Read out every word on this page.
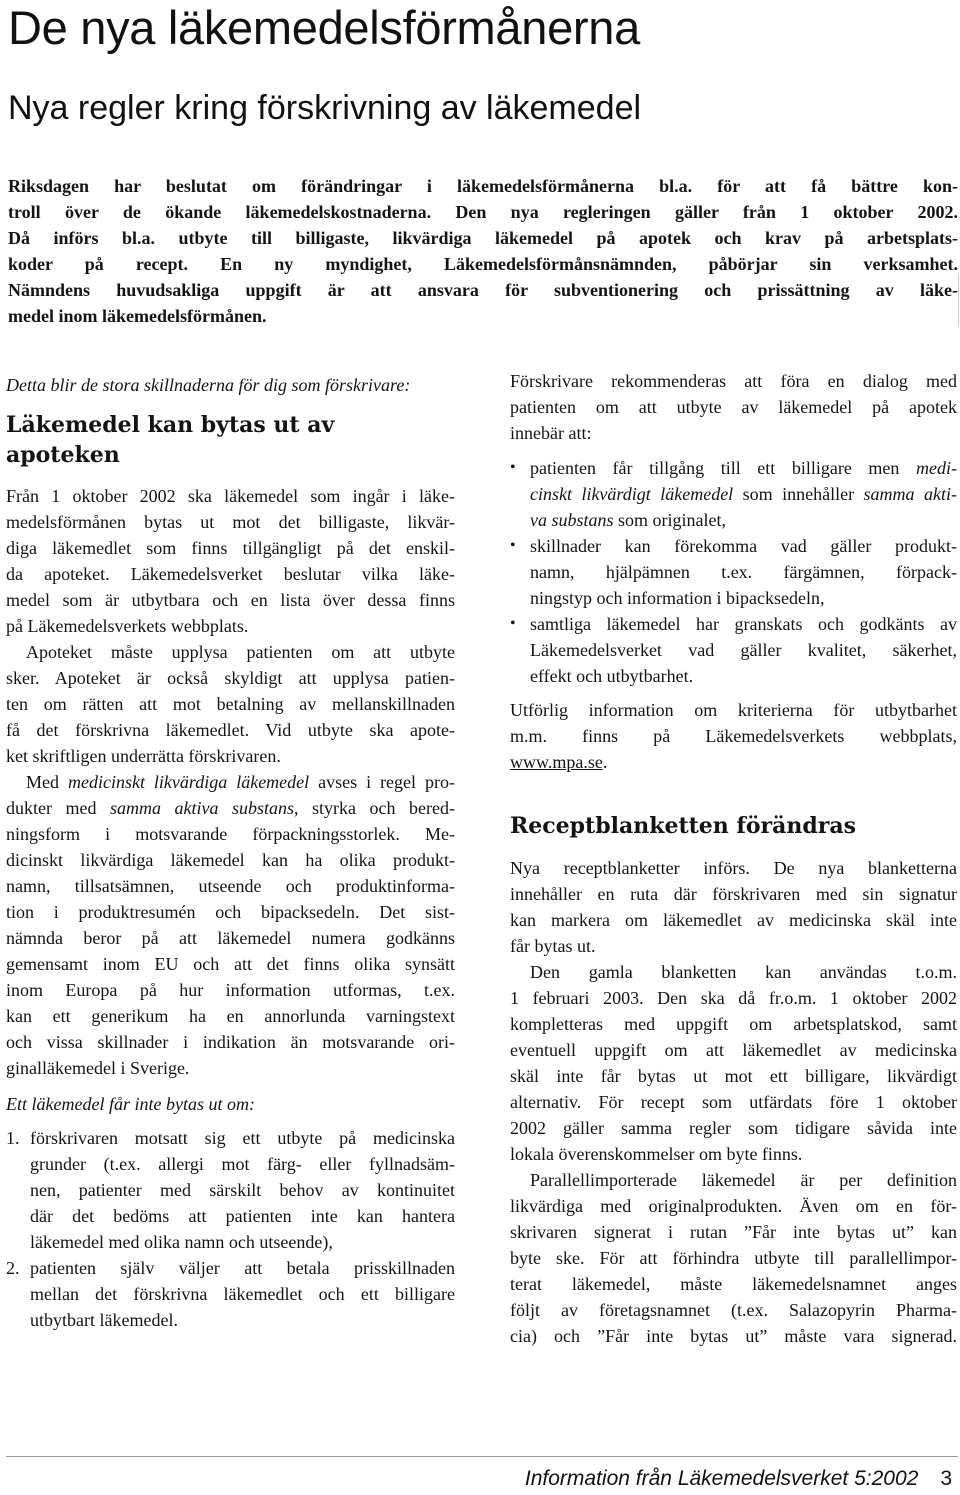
De nya läkemedelsförmånerna
Nya regler kring förskrivning av läkemedel
Riksdagen har beslutat om förändringar i läkemedelsförmånerna bl.a. för att få bättre kon-
troll över de ökande läkemedelskostnaderna. Den nya regleringen gäller från 1 oktober 2002.
Då införs bl.a. utbyte till billigaste, likvärdiga läkemedel på apotek och krav på arbetsplats-
koder på recept. En ny myndighet, Läkemedelsförmånsnämnden, påbörjar sin verksamhet.
Nämndens huvudsakliga uppgift är att ansvara för subventionering och prissättning av läke-
medel inom läkemedelsförmånen.

Detta blir de stora skillnaderna för dig som förskrivare:

Läkemedel kan bytas ut av
apoteken

Från 1 oktober 2002 ska läkemedel som ingår i läke-
medelsförmånen bytas ut mot det billigaste, likvär-
diga läkemedlet som finns tillgängligt på det enskil-
da apoteket. Läkemedelsverket beslutar vilka läke-
medel som är utbytbara och en lista över dessa finns
på Läkemedelsverkets webbplats.

Apoteket måste upplysa patienten om att utbyte
sker. Apoteket är också skyldigt att upplysa patien-
ten om rätten att mot betalning av mellanskillnaden
få det förskrivna läkemedlet. Vid utbyte ska apote-
ket skriftligen underrätta förskrivaren.

Med medicinskt likvärdiga läkemedel avses i regel pro-
dukter med samma aktiva substans, styrka och bered-
ningsform i motsvarande förpackningsstorlek. Me-
dicinskt likvärdiga läkemedel kan ha olika produkt-
namn, tillsatsämnen, utseende och produktinforma-
tion i produktresumén och bipacksedeln. Det sist-
nämnda beror på att läkemedel numera godkänns
gemensamt inom EU och att det finns olika synsätt
inom Europa på hur information utformas, t.ex.
kan ett generikum ha en annorlunda varningstext
och vissa skillnader i indikation än motsvarande ori-
ginalläkemedel i Sverige.

Ett läkemedel får inte bytas ut om:

1. förskrivaren motsatt sig ett utbyte på medicinska
grunder (t.ex. allergi mot färg- eller fyllnadsäm-
nen, patienter med särskilt behov av kontinuitet
där det bedöms att patienten inte kan hantera
läkemedel med olika namn och utseende),
2. patienten själv väljer att betala prisskillnaden
mellan det förskrivna läkemedlet och ett billigare
utbytbart läkemedel.

Förskrivare rekommenderas att föra en dialog med
patienten om att utbyte av läkemedel på apotek
innebär att:

• patienten får tillgång till ett billigare men medi-
cinskt likvärdigt läkemedel som innehåller samma akti-
va substans som originalet,
• skillnader kan förekomma vad gäller produkt-
namn, hjälpämnen t.ex. färgämnen, förpack-
ningstyp och information i bipacksedeln,
• samtliga läkemedel har granskats och godkänts av
Läkemedelsverket vad gäller kvalitet, säkerhet,
effekt och utbytbarhet.

Utförlig information om kriterierna för utbytbarhet
m.m. finns på Läkemedelsverkets webbplats,
www.mpa.se.

Receptblanketten förändras

Nya receptblanketter införs. De nya blanketterna
innehåller en ruta där förskrivaren med sin signatur
kan markera om läkemedlet av medicinska skäl inte
får bytas ut.

Den gamla blanketten kan användas t.o.m.
1 februari 2003. Den ska då fr.o.m. 1 oktober 2002
kompletteras med uppgift om arbetsplatskod, samt
eventuell uppgift om att läkemedlet av medicinska
skäl inte får bytas ut mot ett billigare, likvärdigt
alternativ. För recept som utfärdats före 1 oktober
2002 gäller samma regler som tidigare såvida inte
lokala överenskommelser om byte finns.

Parallellimporterade läkemedel är per definition
likvärdiga med originalprodukten. Även om en för-
skrivaren signerat i rutan ”Får inte bytas ut” kan
byte ske. För att förhindra utbyte till parallellimpor-
terat läkemedel, måste läkemedelsnamnet anges
följt av företagsnamnet (t.ex. Salazopyrin Pharma-
cia) och ”Får inte bytas ut” måste vara signerad.

Information från Läkemedelsverket 5:2002 3
